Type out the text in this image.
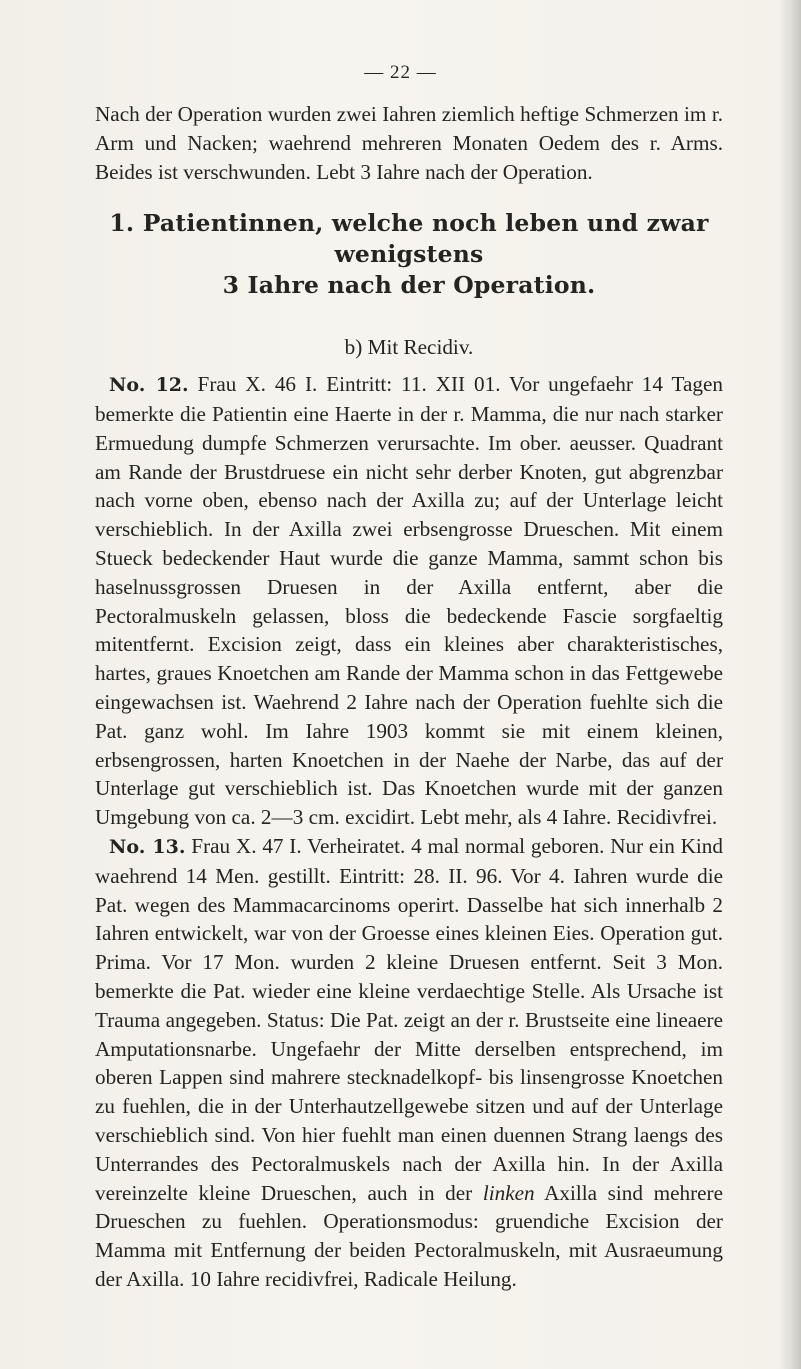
— 22 —

Nach der Operation wurden zwei Iahren ziemlich heftige Schmerzen im r. Arm und Nacken; waehrend mehreren Monaten Oedem des r. Arms. Beides ist verschwunden. Lebt 3 Iahre nach der Operation.

1. Patientinnen, welche noch leben und zwar wenigstens
3 Iahre nach der Operation.
b) Mit Recidiv.

No. 12. Frau X. 46 I. Eintritt: 11. XII 01. Vor ungefaehr 14 Tagen bemerkte die Patientin eine Haerte in der r. Mamma, die nur nach starker Ermuedung dumpfe Schmerzen verursachte. Im ober. aeusser. Quadrant am Rande der Brustdruese ein nicht sehr derber Knoten, gut abgrenzbar nach vorne oben, ebenso nach der Axilla zu; auf der Unterlage leicht verschieblich. In der Axilla zwei erbsengrosse Drueschen. Mit einem Stueck bedeckender Haut wurde die ganze Mamma, sammt schon bis haselnussgrossen Druesen in der Axilla entfernt, aber die Pectoralmuskeln gelassen, bloss die bedeckende Fascie sorgfaeltig mitentfernt. Excision zeigt, dass ein kleines aber charakteristisches, hartes, graues Knoetchen am Rande der Mamma schon in das Fettgewebe eingewachsen ist. Waehrend 2 Iahre nach der Operation fuehlte sich die Pat. ganz wohl. Im Iahre 1903 kommt sie mit einem kleinen, erbsengrossen, harten Knoetchen in der Naehe der Narbe, das auf der Unterlage gut verschieblich ist. Das Knoetchen wurde mit der ganzen Umgebung von ca. 2—3 cm. excidirt. Lebt mehr, als 4 Iahre. Recidivfrei.

No. 13. Frau X. 47 I. Verheiratet. 4 mal normal geboren. Nur ein Kind waehrend 14 Men. gestillt. Eintritt: 28. II. 96. Vor 4. Iahren wurde die Pat. wegen des Mammacarcinoms operirt. Dasselbe hat sich innerhalb 2 Iahren entwickelt, war von der Groesse eines kleinen Eies. Operation gut. Prima. Vor 17 Mon. wurden 2 kleine Druesen entfernt. Seit 3 Mon. bemerkte die Pat. wieder eine kleine verdaechtige Stelle. Als Ursache ist Trauma angegeben. Status: Die Pat. zeigt an der r. Brustseite eine lineaere Amputationsnarbe. Ungefaehr der Mitte derselben entsprechend, im oberen Lappen sind mahrere stecknadelkopf- bis linsengrosse Knoetchen zu fuehlen, die in der Unterhautzellgewebe sitzen und auf der Unterlage verschieblich sind. Von hier fuehlt man einen duennen Strang laengs des Unterrandes des Pectoralmuskels nach der Axilla hin. In der Axilla vereinzelte kleine Drueschen, auch in der linken Axilla sind mehrere Drueschen zu fuehlen. Operationsmodus: gruendiche Excision der Mamma mit Entfernung der beiden Pectoralmuskeln, mit Ausraeumung der Axilla. 10 Iahre recidivfrei, Radicale Heilung.
